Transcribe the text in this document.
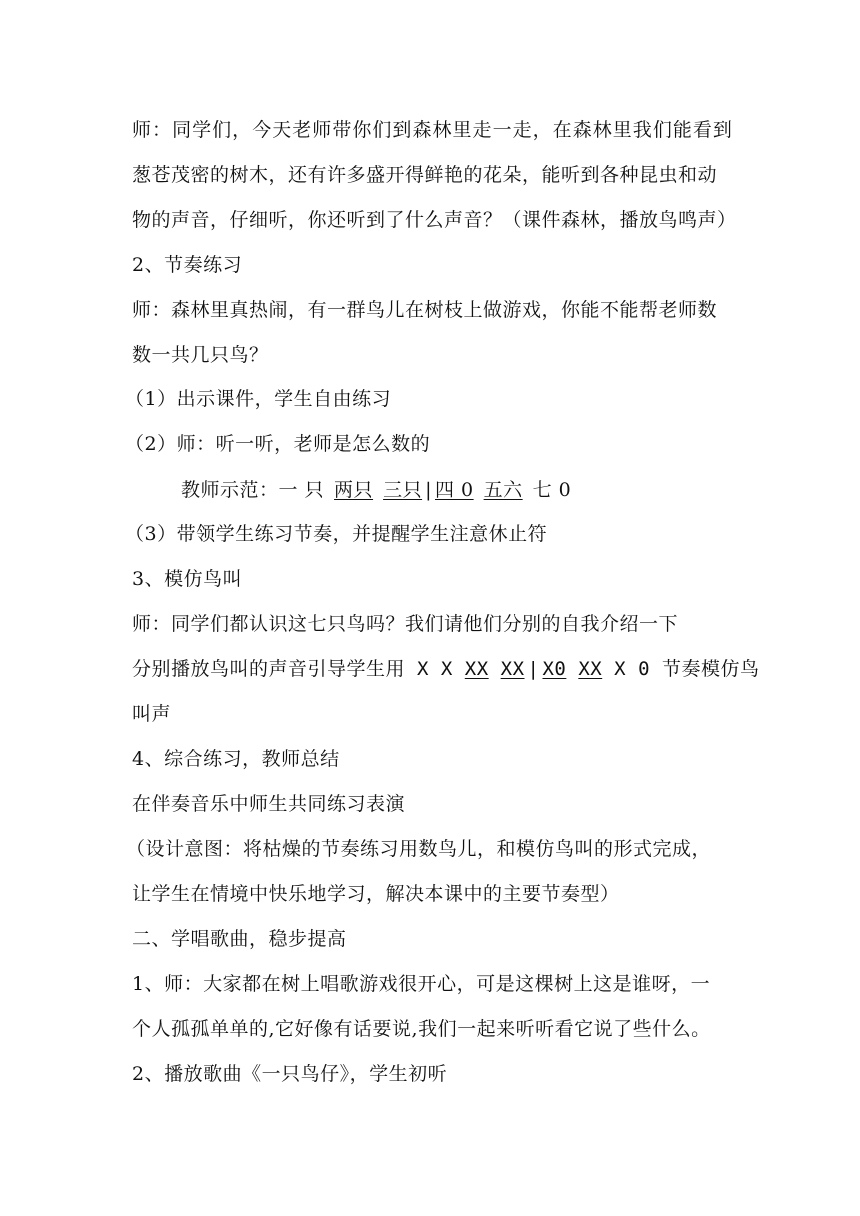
师 ： 同 学 们 ， 今 天 老 师 带 你 们 到 森 林 里 走 一 走 ， 在 森 林 里 我 们 能 看 到
葱苍茂密的树木，还有许多盛开得鲜艳的花朵，能听到各种昆虫和动
物的声音，仔细听，你还听到了什么声音？（课件森林，播放鸟鸣声）
2、节奏练习
师：森林里真热闹，有一群鸟儿在树枝上做游戏，你能不能帮老师数
数一共几只鸟？
（1）出示课件，学生自由练习
（2）师：听一听，老师是怎么数的
教师示范：一 只 两只 三只 | 四 0 五六 七 0
（3）带领学生练习节奏，并提醒学生注意休止符
3、模仿鸟叫
师：同学们都认识这七只鸟吗？我们请他们分别的自我介绍一下
分别播放鸟叫的声音引导学生用 X X XX XX | X0 XX X 0 节奏模仿鸟
叫声
4、综合练习，教师总结
在伴奏音乐中师生共同练习表演
（设计意图：将枯燥的节奏练习用数鸟儿，和模仿鸟叫的形式完成，
让学生在情境中快乐地学习，解决本课中的主要节奏型）
二、学唱歌曲，稳步提高
1、师：大家都在树上唱歌游戏很开心，可是这棵树上这是谁呀，一
个人孤孤单单的,它好像有话要说,我们一起来听听看它说了些什么。
2、播放歌曲《一只鸟仔》，学生初听
